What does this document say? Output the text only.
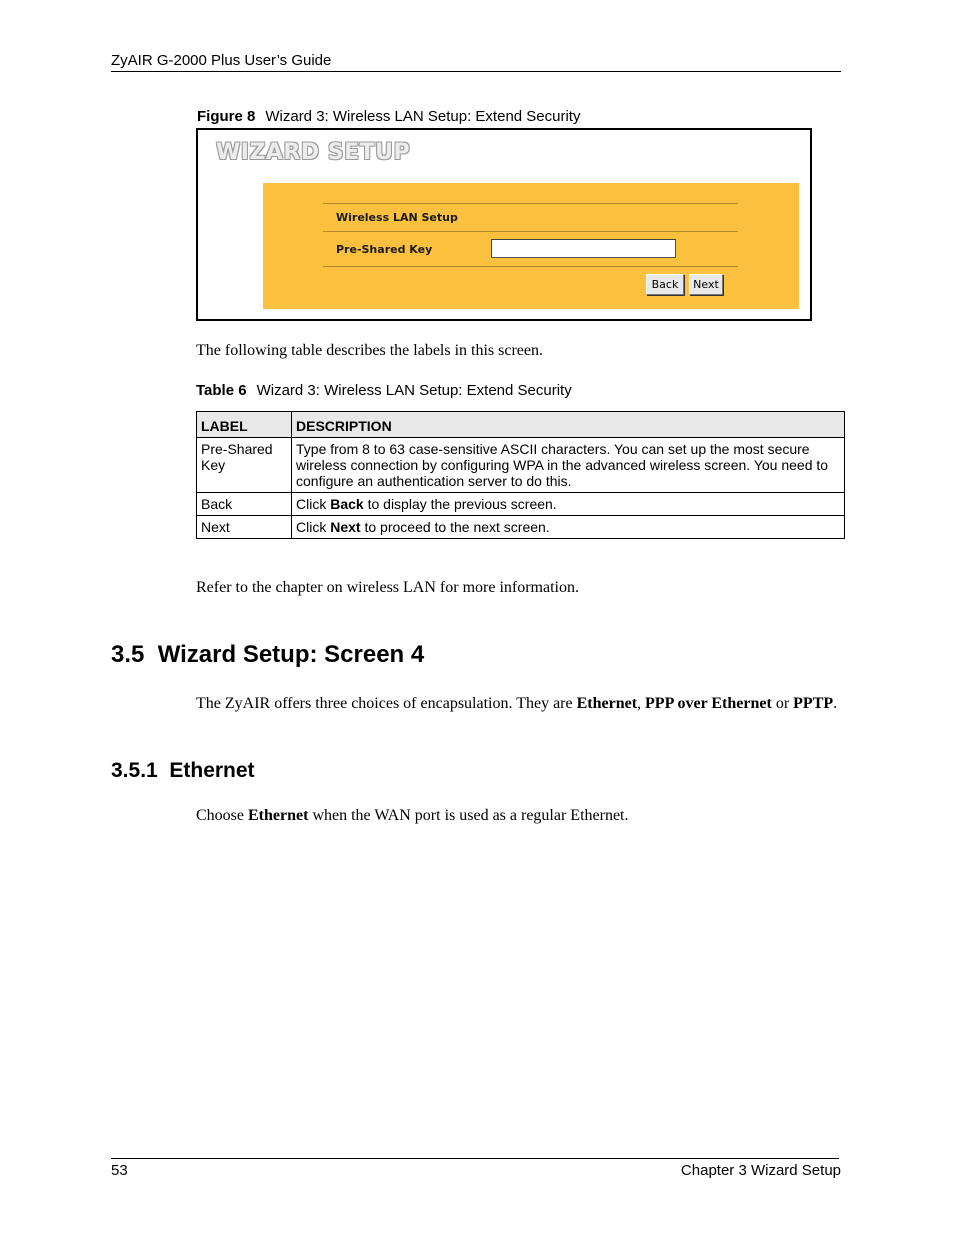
ZyAIR G-2000 Plus User’s Guide
Figure 8 Wizard 3: Wireless LAN Setup: Extend Security
WIZARD SETUP
Wireless LAN Setup
Pre-Shared Key
Back	Next
The following table describes the labels in this screen.
Table 6 Wizard 3: Wireless LAN Setup: Extend Security
LABEL	DESCRIPTION
Pre-Shared Key	Type from 8 to 63 case-sensitive ASCII characters. You can set up the most secure wireless connection by configuring WPA in the advanced wireless screen. You need to configure an authentication server to do this.
Back	Click Back to display the previous screen.
Next	Click Next to proceed to the next screen.
Refer to the chapter on wireless LAN for more information.
3.5  Wizard Setup: Screen 4
The ZyAIR offers three choices of encapsulation. They are Ethernet, PPP over Ethernet or PPTP.
3.5.1  Ethernet
Choose Ethernet when the WAN port is used as a regular Ethernet.
53	Chapter 3 Wizard Setup
